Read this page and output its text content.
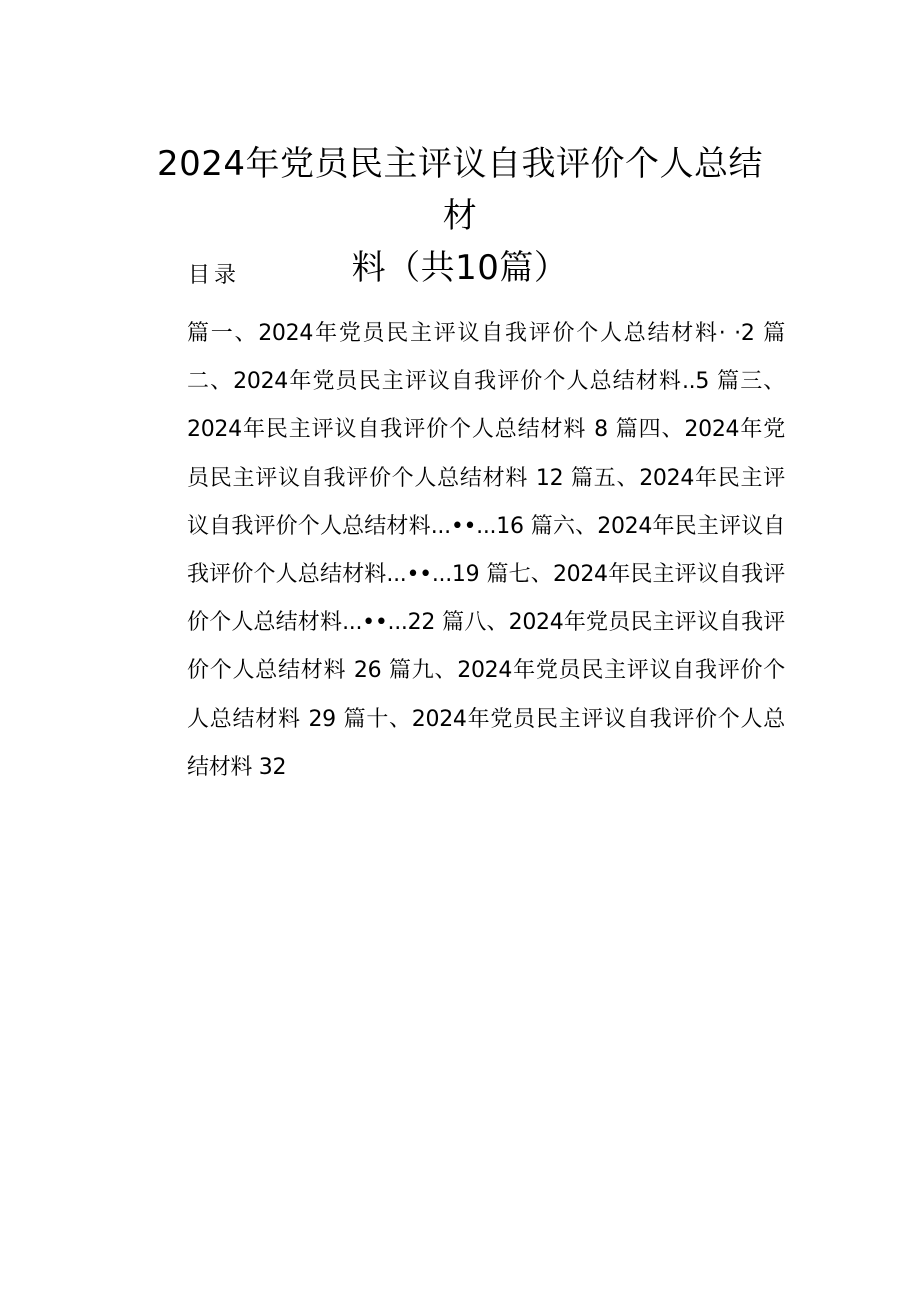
2024年党员民主评议自我评价个人总结材
料（共10篇）
目录
篇一、2024年党员民主评议自我评价个人总结材料· ·2 篇
二、2024年党员民主评议自我评价个人总结材料..5 篇三、
2024年民主评议自我评价个人总结材料 8 篇四、2024年党
员民主评议自我评价个人总结材料 12 篇五、2024年民主评
议自我评价个人总结材料...••...16 篇六、2024年民主评议自
我评价个人总结材料...••...19 篇七、2024年民主评议自我评
价个人总结材料...••...22 篇八、2024年党员民主评议自我评
价个人总结材料 26 篇九、2024年党员民主评议自我评价个
人总结材料 29 篇十、2024年党员民主评议自我评价个人总
结材料 32
